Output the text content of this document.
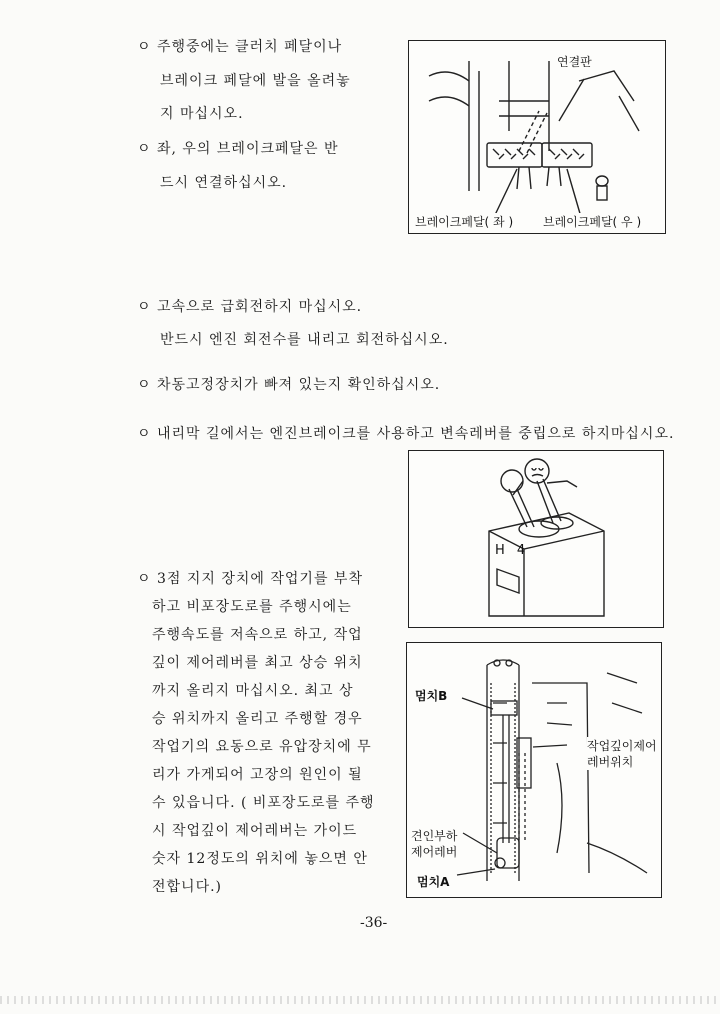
ㅇ 주행중에는 클러치 페달이나
브레이크 페달에 발을 올려놓
지 마십시오.
ㅇ 좌, 우의 브레이크페달은 반
드시 연결하십시오.
연결판
브레이크페달( 좌 ) 브레이크페달( 우 )
ㅇ 고속으로 급회전하지 마십시오.
반드시 엔진 회전수를 내리고 회전하십시오.
ㅇ 차동고정장치가 빠져 있는지 확인하십시오.
ㅇ 내리막 길에서는 엔진브레이크를 사용하고 변속레버를 중립으로 하지마십시오.
H 4
ㅇ 3점 지지 장치에 작업기를 부착
하고 비포장도로를 주행시에는
주행속도를 저속으로 하고, 작업
깊이 제어레버를 최고 상승 위치
까지 올리지 마십시오. 최고 상
승 위치까지 올리고 주행할 경우
작업기의 요동으로 유압장치에 무
리가 가게되어 고장의 원인이 될
수 있읍니다. ( 비포장도로를 주행
시 작업깊이 제어레버는 가이드
숫자 12정도의 위치에 놓으면 안
전합니다.)
멈치B
작업깊이제어
레버위치
견인부하
제어레버
멈치A
-36-
